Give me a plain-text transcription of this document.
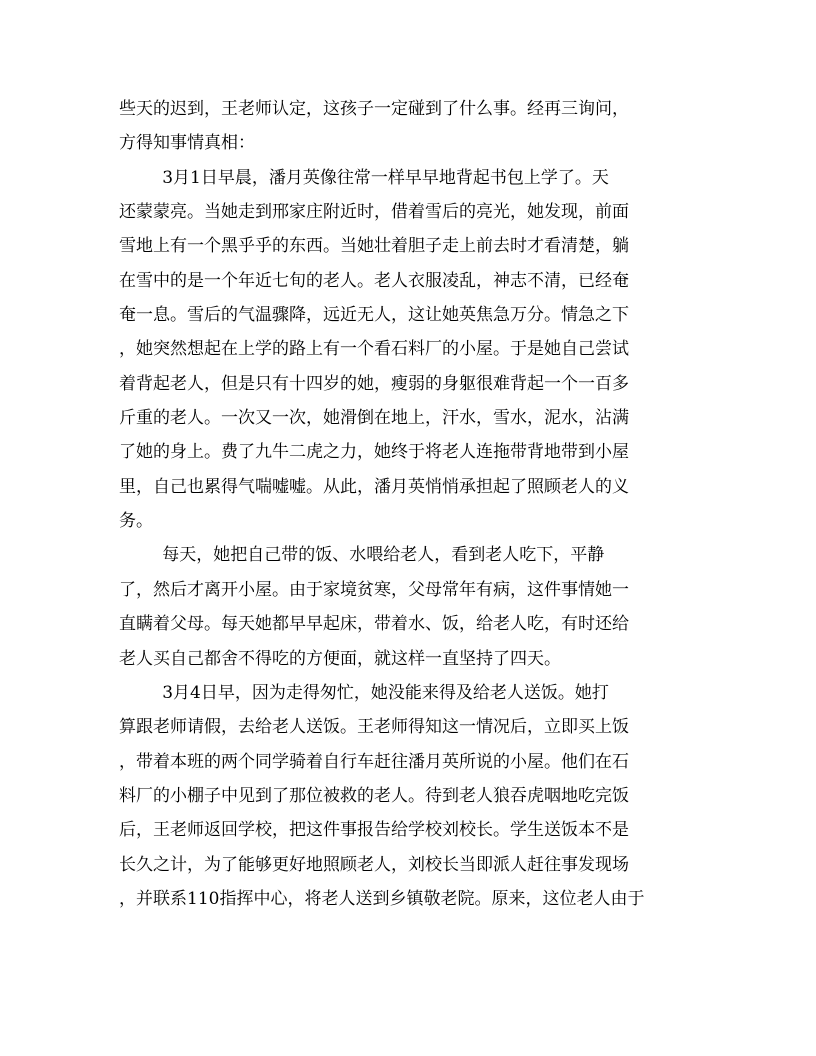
些天的迟到，王老师认定，这孩子一定碰到了什么事。经再三询问，
方得知事情真相：
3月1日早晨，潘月英像往常一样早早地背起书包上学了。天
还蒙蒙亮。当她走到邢家庄附近时，借着雪后的亮光，她发现，前面
雪地上有一个黑乎乎的东西。当她壮着胆子走上前去时才看清楚，躺
在雪中的是一个年近七旬的老人。老人衣服凌乱，神志不清，已经奄
奄一息。雪后的气温骤降，远近无人，这让她英焦急万分。情急之下
，她突然想起在上学的路上有一个看石料厂的小屋。于是她自己尝试
着背起老人，但是只有十四岁的她，瘦弱的身躯很难背起一个一百多
斤重的老人。一次又一次，她滑倒在地上，汗水，雪水，泥水，沾满
了她的身上。费了九牛二虎之力，她终于将老人连拖带背地带到小屋
里，自己也累得气喘嘘嘘。从此，潘月英悄悄承担起了照顾老人的义
务。
每天，她把自己带的饭、水喂给老人，看到老人吃下，平静
了，然后才离开小屋。由于家境贫寒，父母常年有病，这件事情她一
直瞒着父母。每天她都早早起床，带着水、饭，给老人吃，有时还给
老人买自己都舍不得吃的方便面，就这样一直坚持了四天。
3月4日早，因为走得匆忙，她没能来得及给老人送饭。她打
算跟老师请假，去给老人送饭。王老师得知这一情况后，立即买上饭
，带着本班的两个同学骑着自行车赶往潘月英所说的小屋。他们在石
料厂的小棚子中见到了那位被救的老人。待到老人狼吞虎咽地吃完饭
后，王老师返回学校，把这件事报告给学校刘校长。学生送饭本不是
长久之计，为了能够更好地照顾老人，刘校长当即派人赶往事发现场
，并联系110指挥中心，将老人送到乡镇敬老院。原来，这位老人由于
